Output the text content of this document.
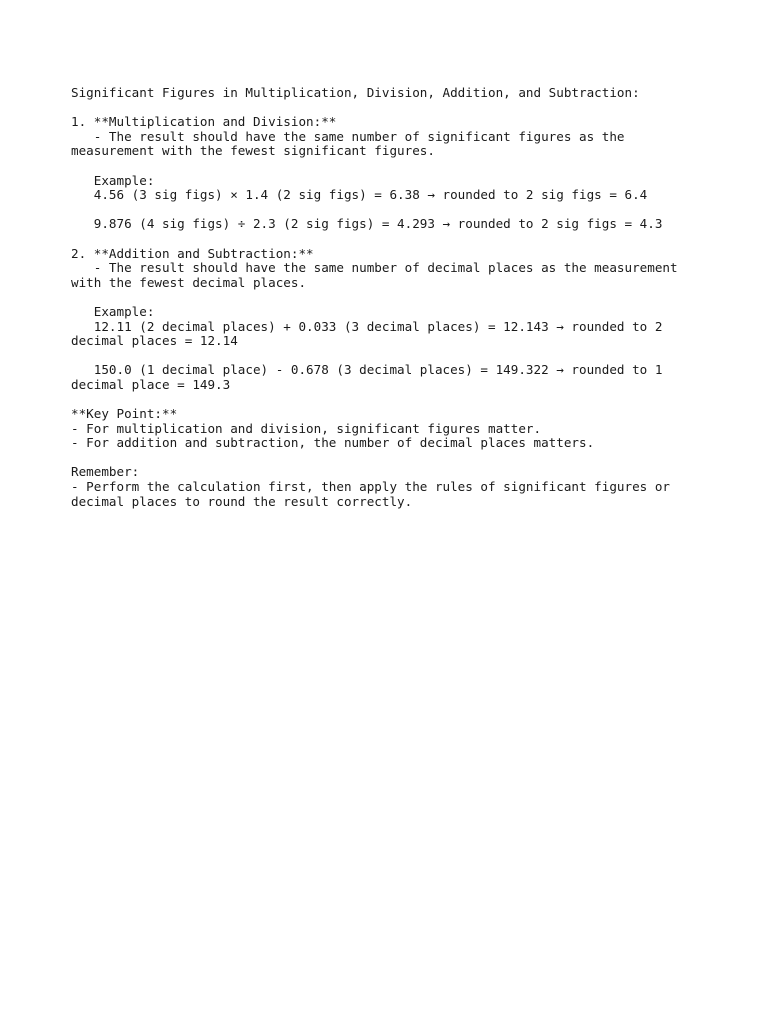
Significant Figures in Multiplication, Division, Addition, and Subtraction:
1. **Multiplication and Division:**
- The result should have the same number of significant figures as the
measurement with the fewest significant figures.
Example:
4.56 (3 sig figs) × 1.4 (2 sig figs) = 6.38 → rounded to 2 sig figs = 6.4
9.876 (4 sig figs) ÷ 2.3 (2 sig figs) = 4.293 → rounded to 2 sig figs = 4.3
2. **Addition and Subtraction:**
- The result should have the same number of decimal places as the measurement
with the fewest decimal places.
Example:
12.11 (2 decimal places) + 0.033 (3 decimal places) = 12.143 → rounded to 2
decimal places = 12.14
150.0 (1 decimal place) - 0.678 (3 decimal places) = 149.322 → rounded to 1
decimal place = 149.3
**Key Point:**
- For multiplication and division, significant figures matter.
- For addition and subtraction, the number of decimal places matters.
Remember:
- Perform the calculation first, then apply the rules of significant figures or
decimal places to round the result correctly.
